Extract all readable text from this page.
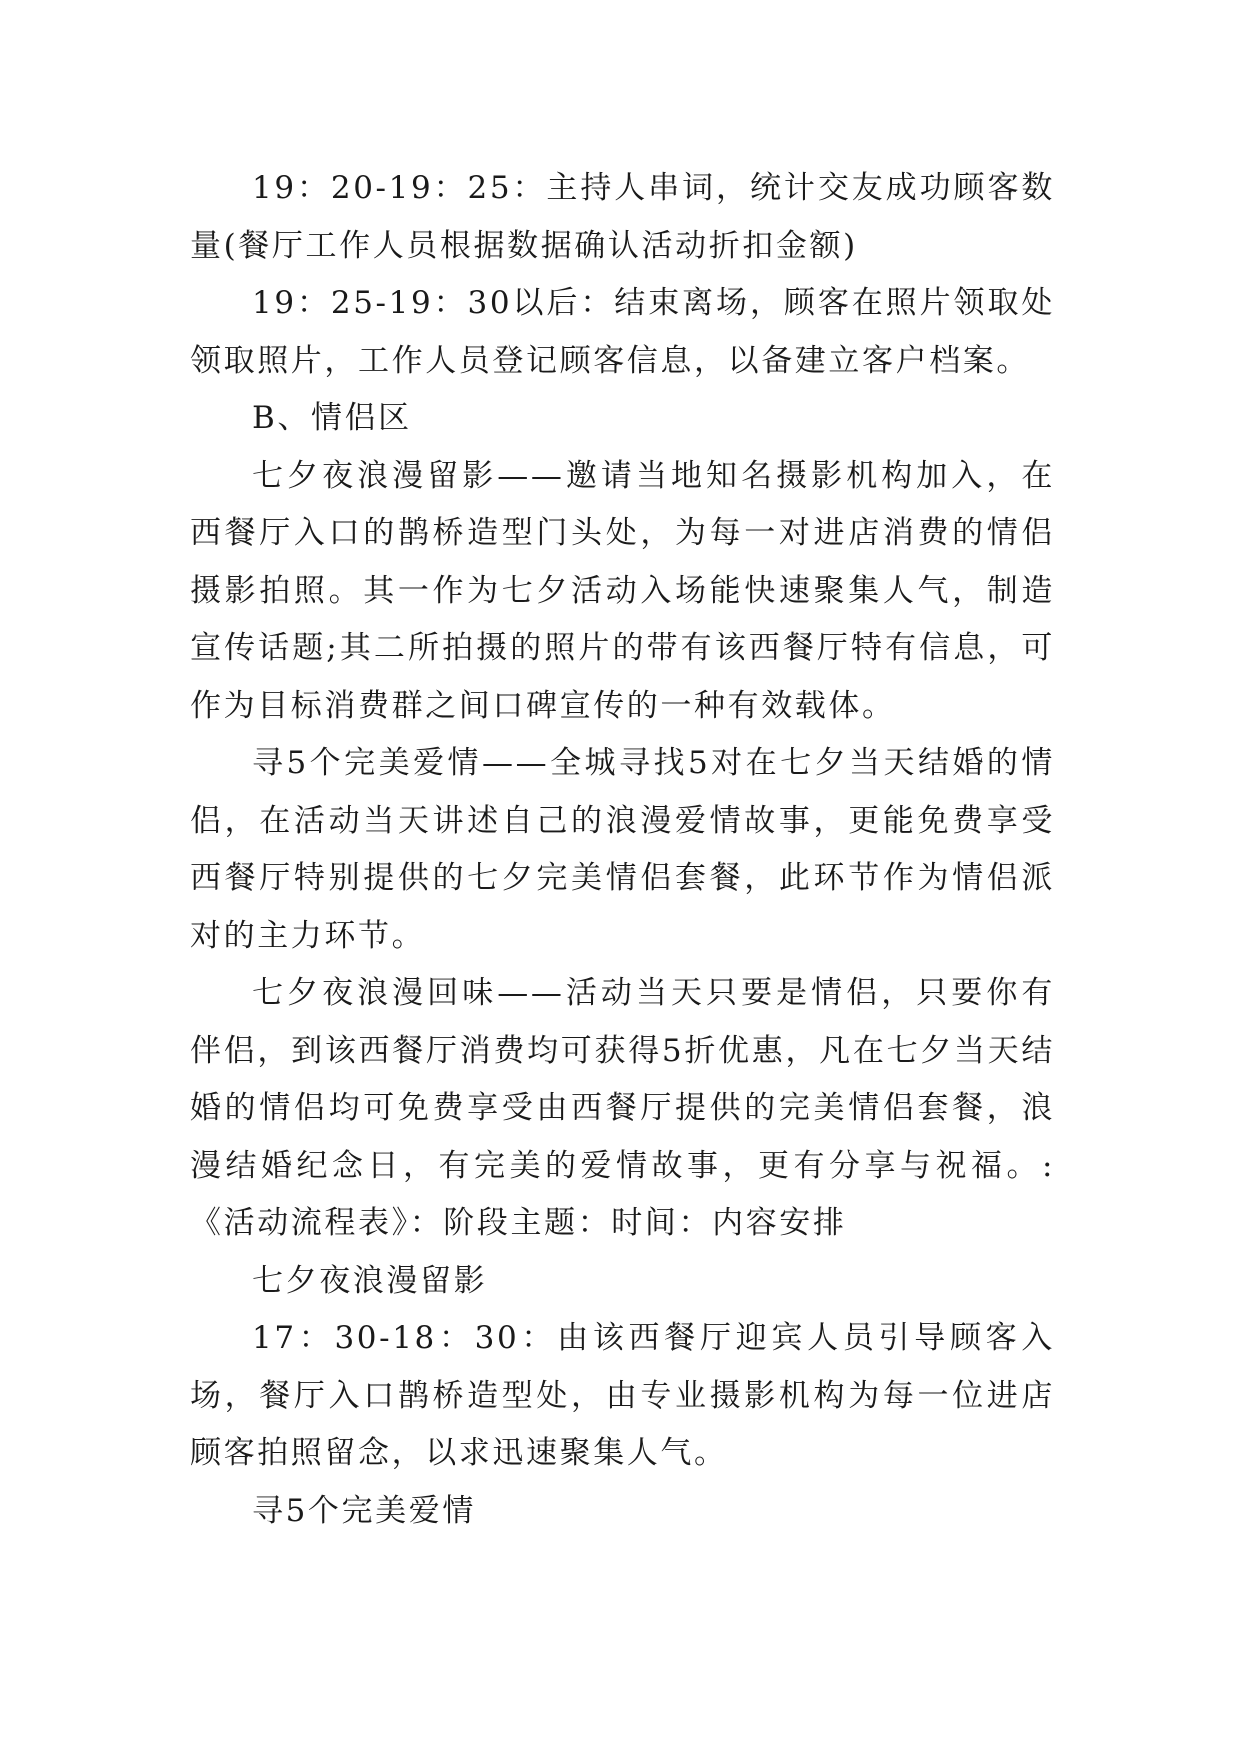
19：20-19：25：主持人串词，统计交友成功顾客数量(餐厅工作人员根据数据确认活动折扣金额)

19：25-19：30以后：结束离场，顾客在照片领取处领取照片，工作人员登记顾客信息，以备建立客户档案。

B、情侣区

七夕夜浪漫留影——邀请当地知名摄影机构加入，在西餐厅入口的鹊桥造型门头处，为每一对进店消费的情侣摄影拍照。其一作为七夕活动入场能快速聚集人气，制造宣传话题;其二所拍摄的照片的带有该西餐厅特有信息，可作为目标消费群之间口碑宣传的一种有效载体。

寻5个完美爱情——全城寻找5对在七夕当天结婚的情侣，在活动当天讲述自己的浪漫爱情故事，更能免费享受西餐厅特别提供的七夕完美情侣套餐，此环节作为情侣派对的主力环节。

七夕夜浪漫回味——活动当天只要是情侣，只要你有伴侣，到该西餐厅消费均可获得5折优惠，凡在七夕当天结婚的情侣均可免费享受由西餐厅提供的完美情侣套餐，浪漫结婚纪念日，有完美的爱情故事，更有分享与祝福。:《活动流程表》：阶段主题：时间：内容安排

七夕夜浪漫留影

17：30-18：30：由该西餐厅迎宾人员引导顾客入场，餐厅入口鹊桥造型处，由专业摄影机构为每一位进店顾客拍照留念，以求迅速聚集人气。

寻5个完美爱情
